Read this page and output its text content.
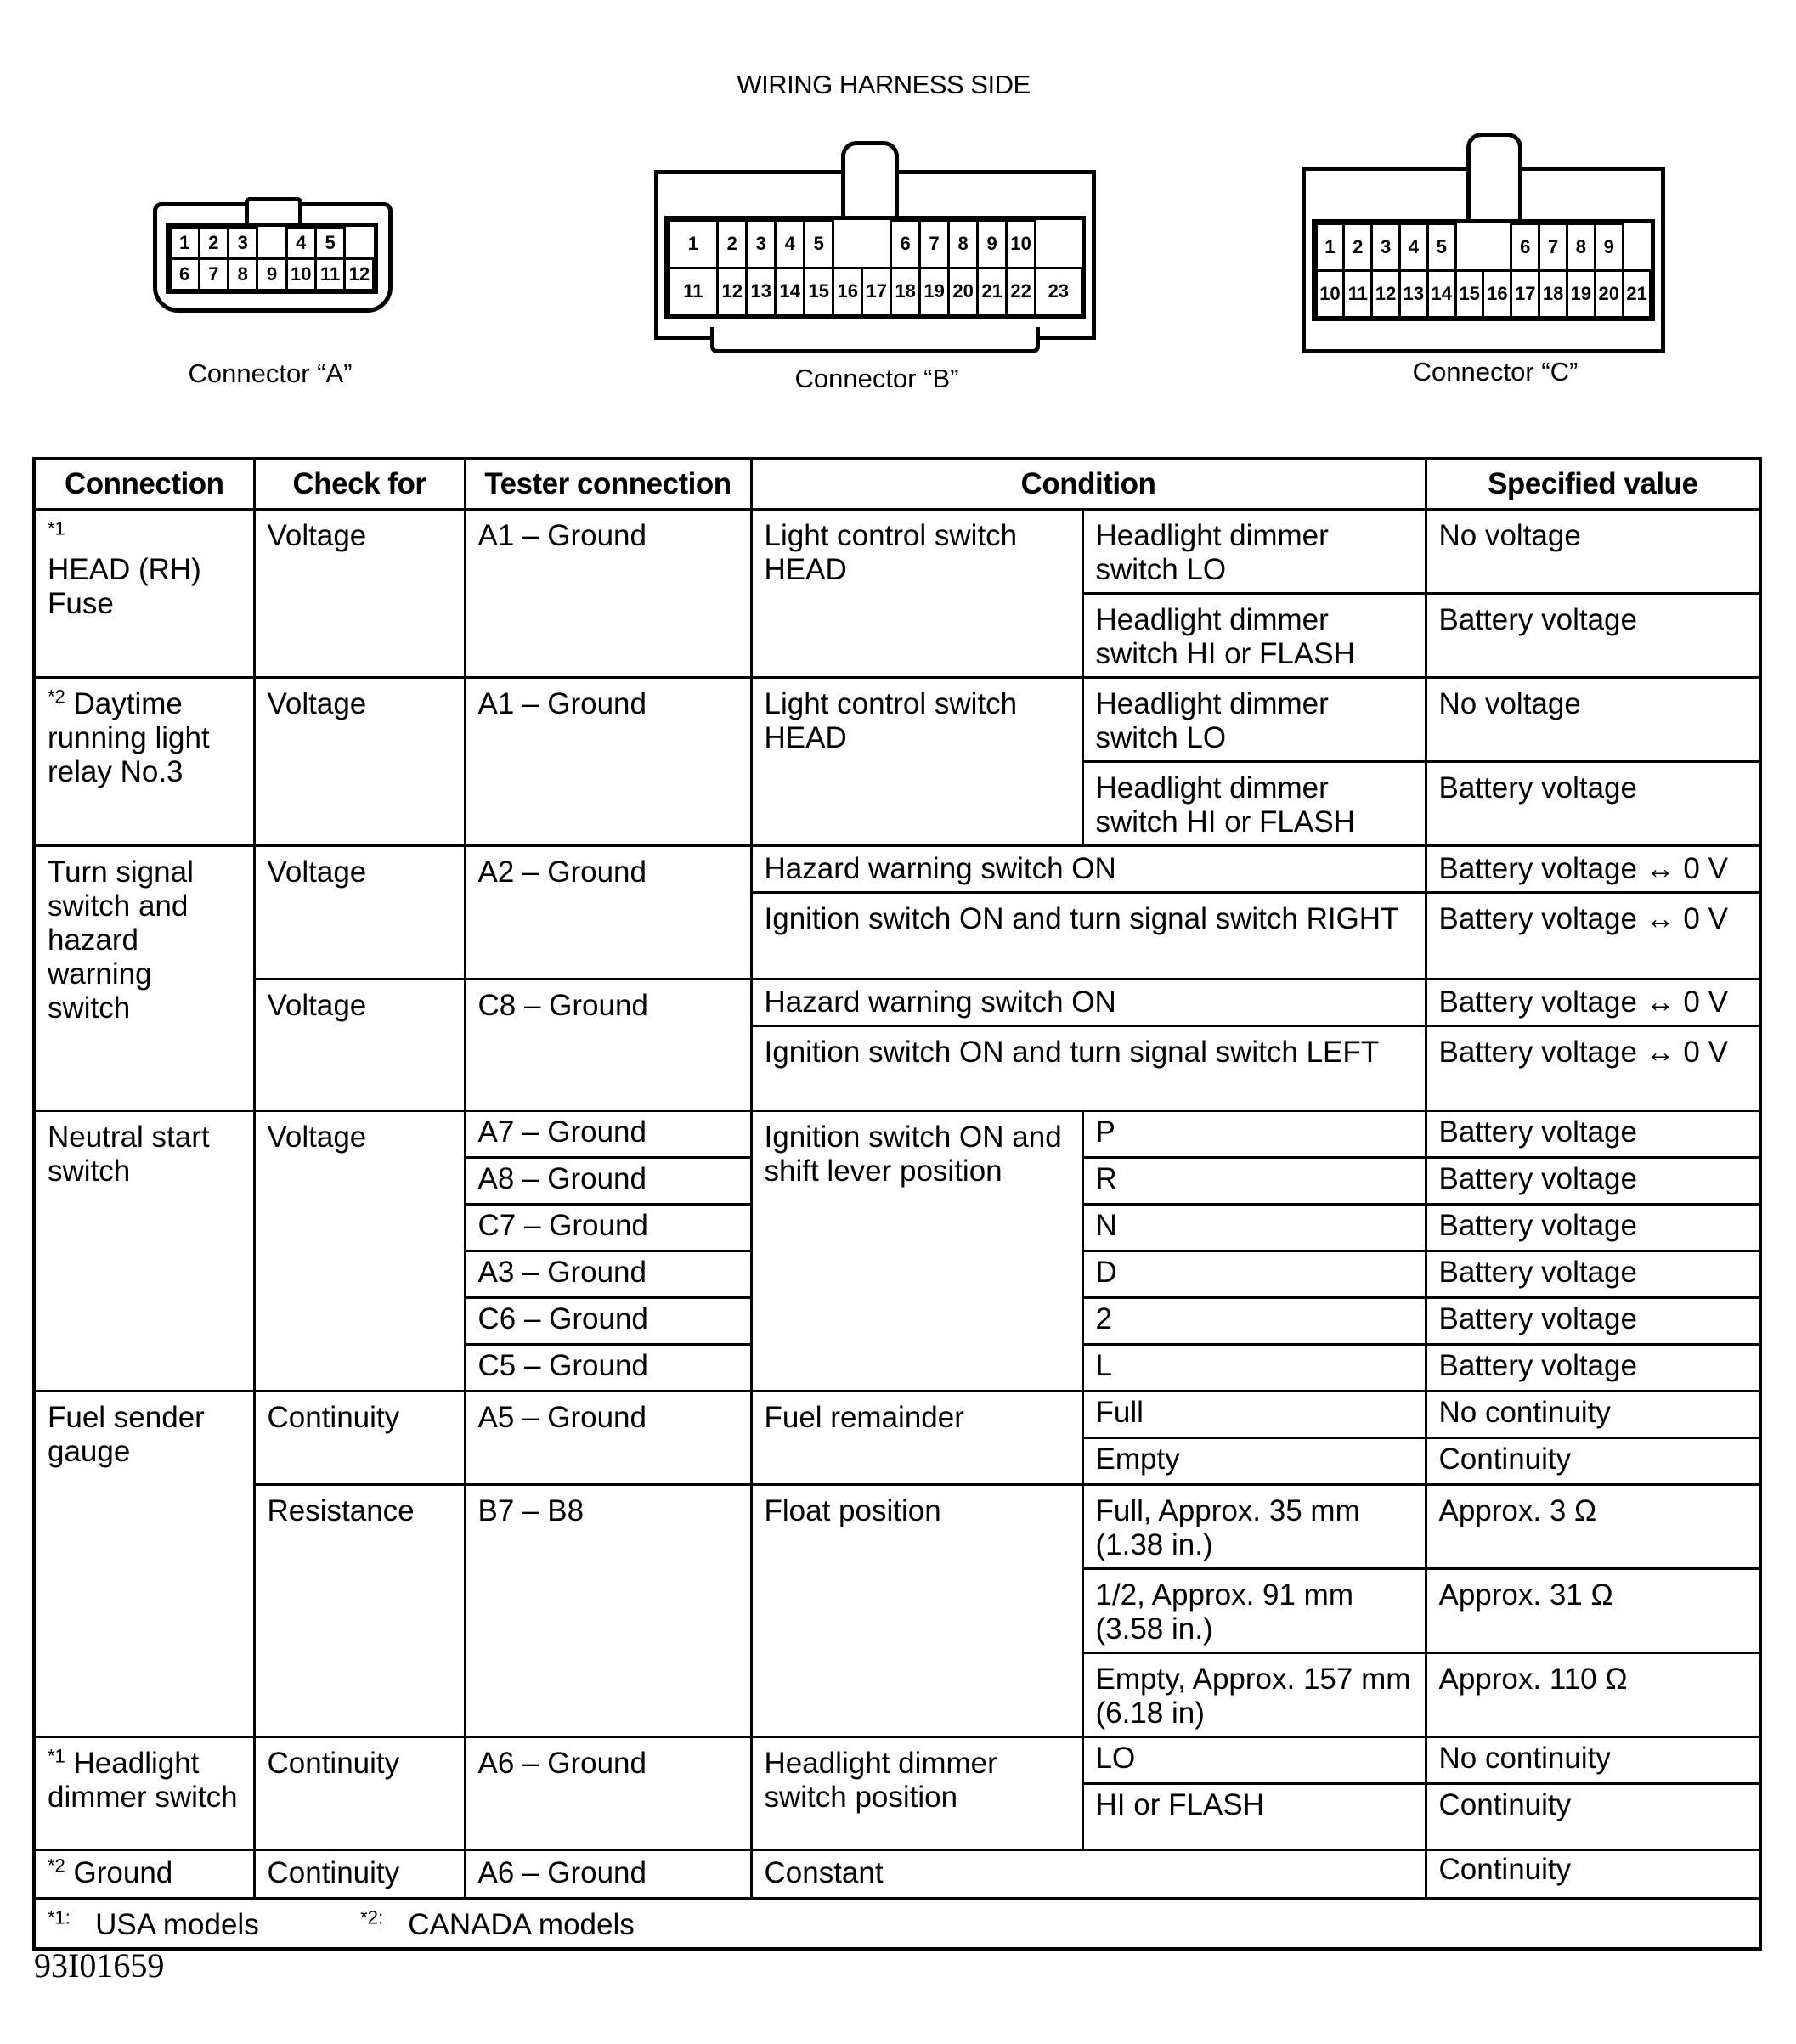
WIRING HARNESS SIDE
1	2	3	4	5
6	7	8	9 10 11 12
Connector “A”
1	2 3 4 5	6 7 8 9 10
11	12 13 14 15 16 17 18 19 20 21 22 23
Connector “B”
1 2 3 4 5	6 7 8 9
10 11 12 13 14 15 16 17 18 19 20 21
Connector “C”
Connection	Check for	Tester connection	Condition		Specified value
$^{*1}$
HEAD (RH) Fuse	Voltage	A1 – Ground	Light control switch HEAD	Headlight dimmer switch LO	No voltage
				Headlight dimmer switch HI or FLASH	Battery voltage
$^{*2}$ Daytime running light relay No.3	Voltage	A1 – Ground	Light control switch HEAD	Headlight dimmer switch LO	No voltage
				Headlight dimmer switch HI or FLASH	Battery voltage
Turn signal switch and hazard warning switch	Voltage	A2 – Ground	Hazard warning switch ON		Battery voltage ↔ 0 V
			Ignition switch ON and turn signal switch RIGHT		Battery voltage ↔ 0 V
	Voltage	C8 – Ground	Hazard warning switch ON		Battery voltage ↔ 0 V
			Ignition switch ON and turn signal switch LEFT		Battery voltage ↔ 0 V
Neutral start switch	Voltage	A7 – Ground	Ignition switch ON and shift lever position	P	Battery voltage
		A8 – Ground		R	Battery voltage
		C7 – Ground		N	Battery voltage
		A3 – Ground		D	Battery voltage
		C6 – Ground		2	Battery voltage
		C5 – Ground		L	Battery voltage
Fuel sender gauge	Continuity	A5 – Ground	Fuel remainder	Full	No continuity
				Empty	Continuity
	Resistance	B7 – B8	Float position	Full, Approx. 35 mm (1.38 in.)	Approx. 3 Ω
				1/2, Approx. 91 mm (3.58 in.)	Approx. 31 Ω
				Empty, Approx. 157 mm (6.18 in)	Approx. 110 Ω
$^{*1}$ Headlight dimmer switch	Continuity	A6 – Ground	Headlight dimmer switch position	LO	No continuity
				HI or FLASH	Continuity
$^{*2}$ Ground	Continuity	A6 – Ground	Constant		Continuity
$^{*1:}$ USA models $^{*2:}$ CANADA models					
93I01659
